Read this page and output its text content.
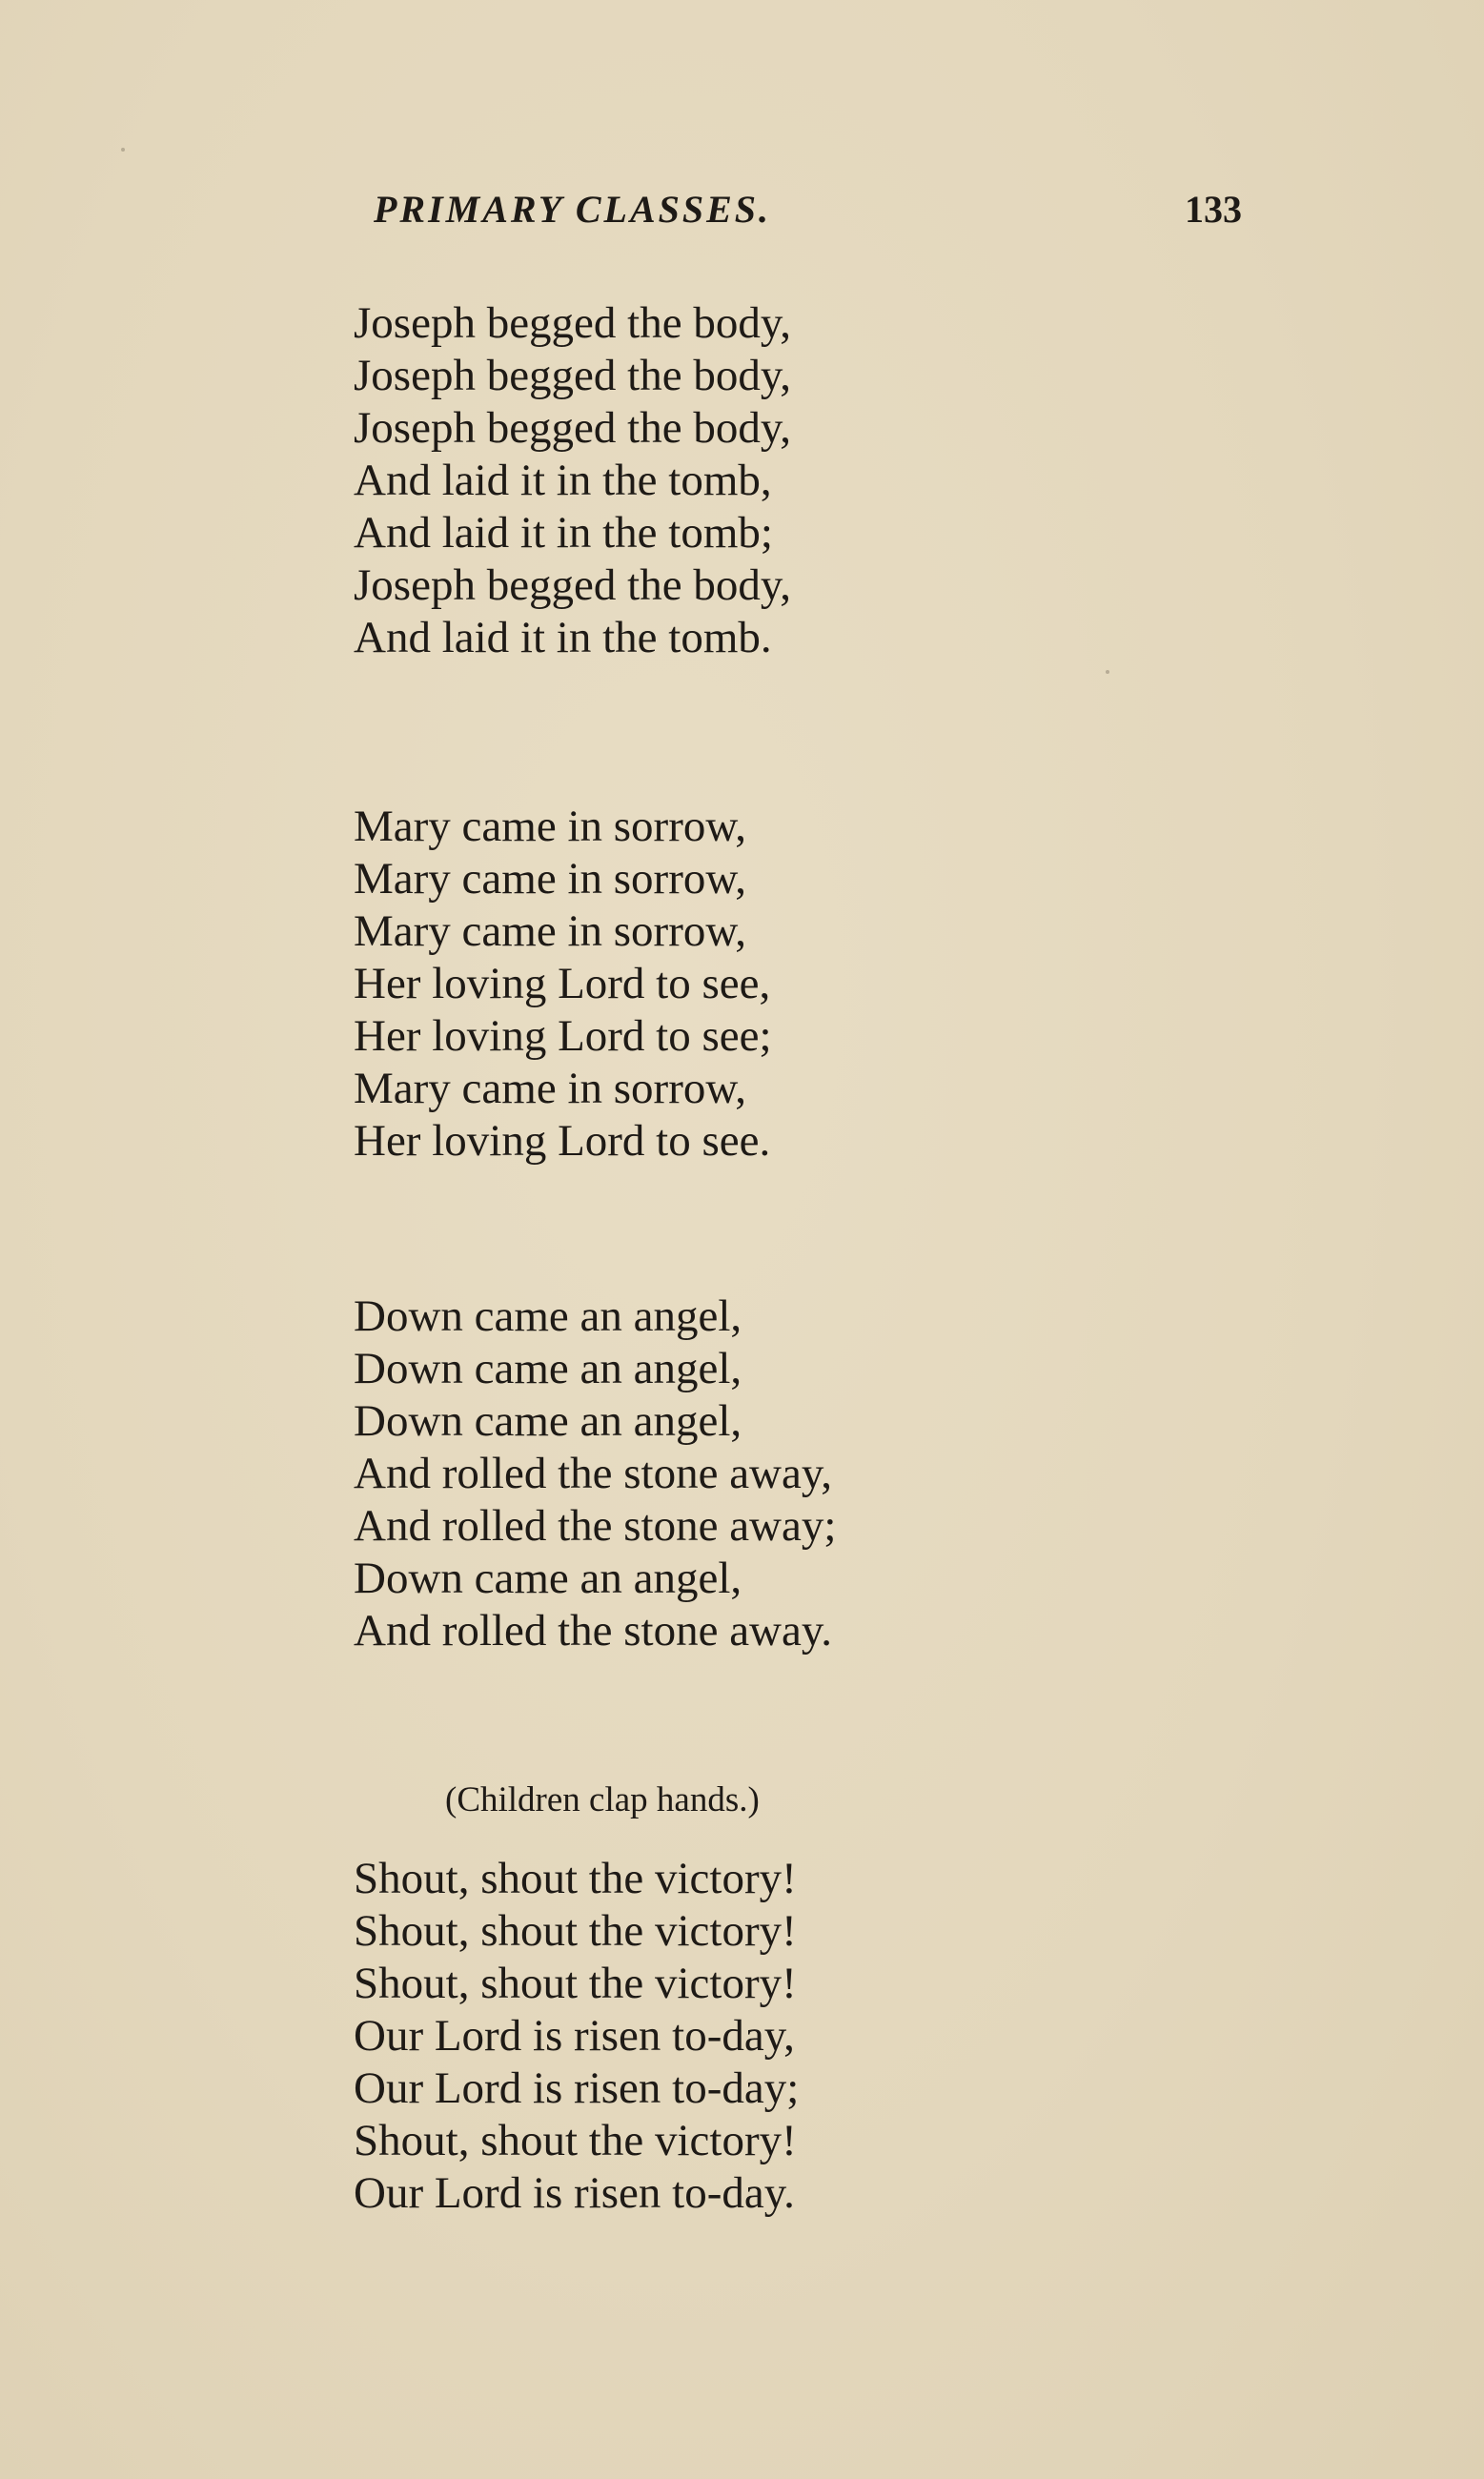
PRIMARY CLASSES.	133
Joseph begged the body,
Joseph begged the body,
Joseph begged the body,
And laid it in the tomb,
And laid it in the tomb;
Joseph begged the body,
And laid it in the tomb.
Mary came in sorrow,
Mary came in sorrow,
Mary came in sorrow,
Her loving Lord to see,
Her loving Lord to see;
Mary came in sorrow,
Her loving Lord to see.
Down came an angel,
Down came an angel,
Down came an angel,
And rolled the stone away,
And rolled the stone away;
Down came an angel,
And rolled the stone away.
(Children clap hands.)
Shout, shout the victory!
Shout, shout the victory!
Shout, shout the victory!
Our Lord is risen to-day,
Our Lord is risen to-day;
Shout, shout the victory!
Our Lord is risen to-day.
